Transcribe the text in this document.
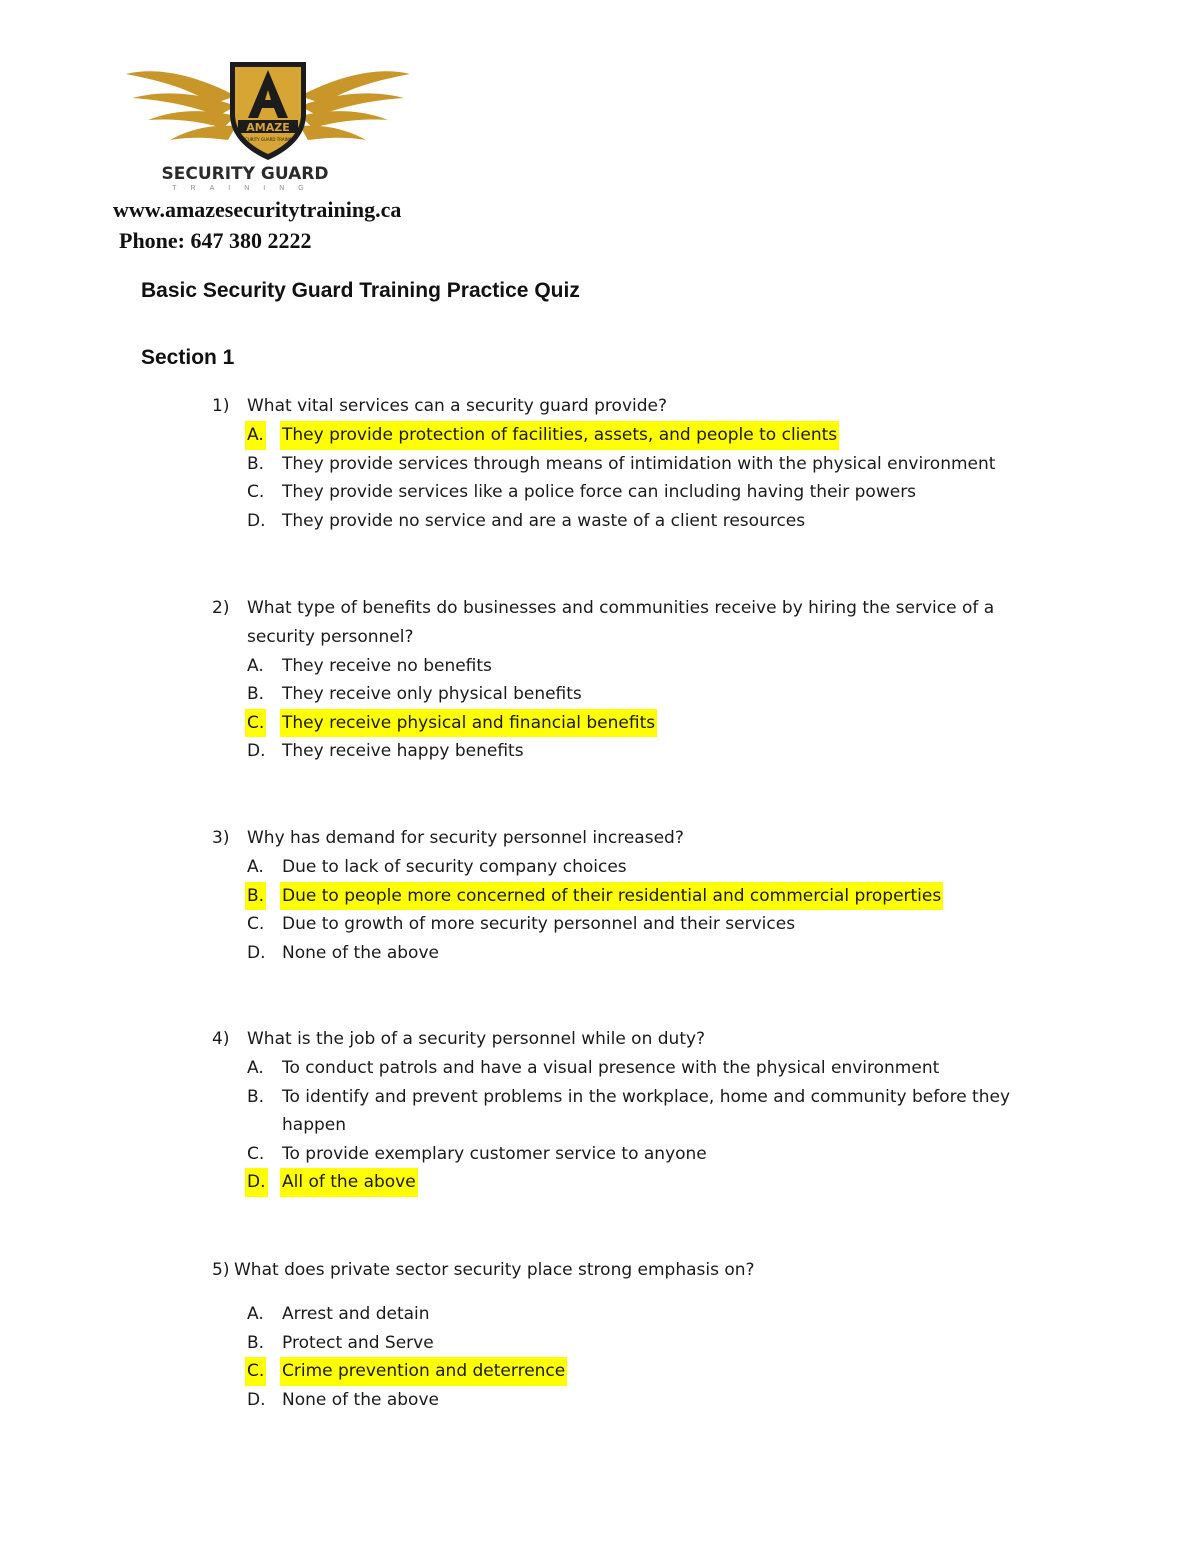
AMAZE
SECURITY GUARD TRAINING
SECURITY GUARD
TRAINING
www.amazesecuritytraining.ca
Phone: 647 380 2222
Basic Security Guard Training Practice Quiz
Section 1
1) What vital services can a security guard provide?
A. They provide protection of facilities, assets, and people to clients
B. They provide services through means of intimidation with the physical environment
C. They provide services like a police force can including having their powers
D. They provide no service and are a waste of a client resources
2) What type of benefits do businesses and communities receive by hiring the service of a
security personnel?
A. They receive no benefits
B. They receive only physical benefits
C. They receive physical and financial benefits
D. They receive happy benefits
3) Why has demand for security personnel increased?
A. Due to lack of security company choices
B. Due to people more concerned of their residential and commercial properties
C. Due to growth of more security personnel and their services
D. None of the above
4) What is the job of a security personnel while on duty?
A. To conduct patrols and have a visual presence with the physical environment
B. To identify and prevent problems in the workplace, home and community before they
happen
C. To provide exemplary customer service to anyone
D. All of the above
5) What does private sector security place strong emphasis on?
A. Arrest and detain
B. Protect and Serve
C. Crime prevention and deterrence
D. None of the above
